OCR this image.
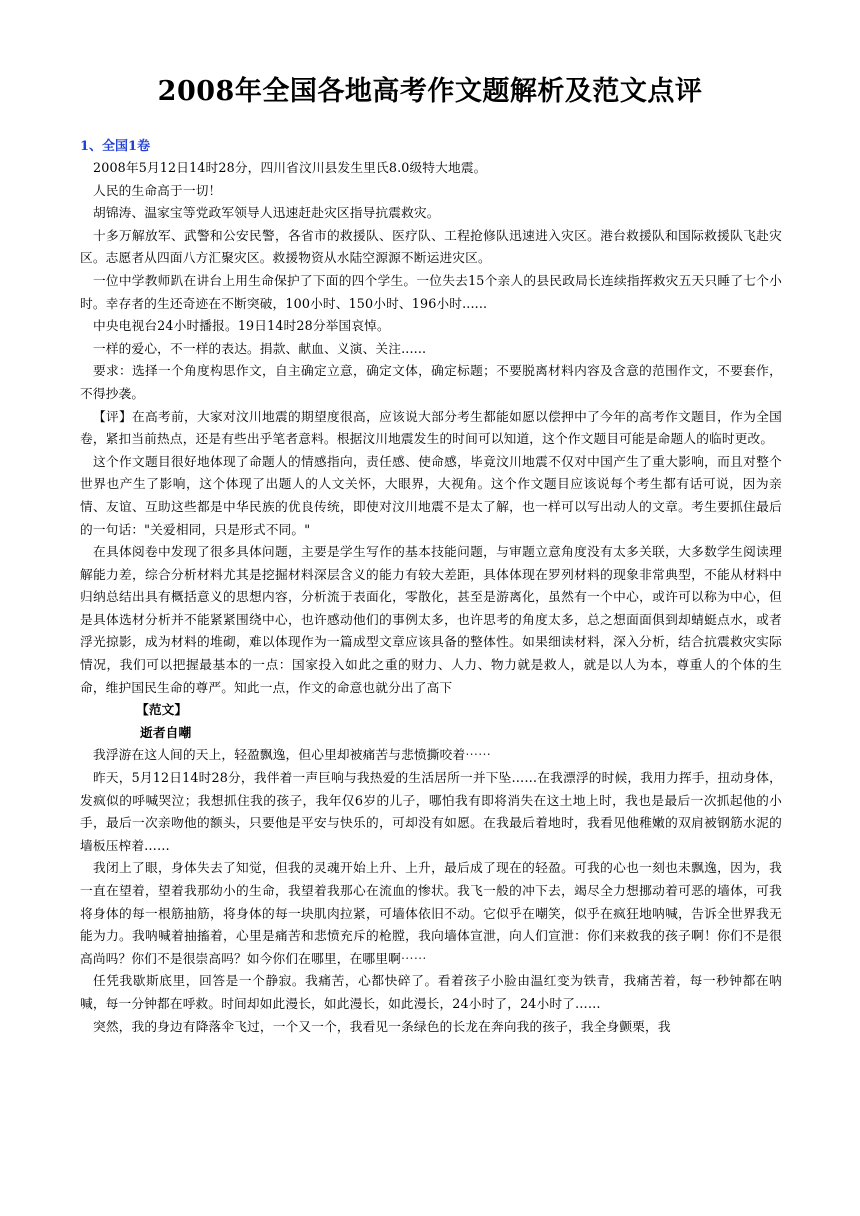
2008年全国各地高考作文题解析及范文点评
1、全国1卷

2008年5月12日14时28分，四川省汶川县发生里氏8.0级特大地震。

人民的生命高于一切！

胡锦涛、温家宝等党政军领导人迅速赶赴灾区指导抗震救灾。

十多万解放军、武警和公安民警，各省市的救援队、医疗队、工程抢修队迅速进入灾区。港台救援队和国际救援队飞赴灾区。志愿者从四面八方汇聚灾区。救援物资从水陆空源源不断运进灾区。

一位中学教师趴在讲台上用生命保护了下面的四个学生。一位失去15个亲人的县民政局长连续指挥救灾五天只睡了七个小时。幸存者的生还奇迹在不断突破，100小时、150小时、196小时......

中央电视台24小时播报。19日14时28分举国哀悼。

一样的爱心，不一样的表达。捐款、献血、义演、关注......

要求：选择一个角度构思作文，自主确定立意，确定文体，确定标题；不要脱离材料内容及含意的范围作文，不要套作，不得抄袭。

【评】在高考前，大家对汶川地震的期望度很高，应该说大部分考生都能如愿以偿押中了今年的高考作文题目，作为全国卷，紧扣当前热点，还是有些出乎笔者意料。根据汶川地震发生的时间可以知道，这个作文题目可能是命题人的临时更改。

这个作文题目很好地体现了命题人的情感指向，责任感、使命感，毕竟汶川地震不仅对中国产生了重大影响，而且对整个世界也产生了影响，这个体现了出题人的人文关怀，大眼界，大视角。这个作文题目应该说每个考生都有话可说，因为亲情、友谊、互助这些都是中华民族的优良传统，即使对汶川地震不是太了解，也一样可以写出动人的文章。考生要抓住最后的一句话："关爱相同，只是形式不同。"

在具体阅卷中发现了很多具体问题，主要是学生写作的基本技能问题，与审题立意角度没有太多关联，大多数学生阅读理解能力差，综合分析材料尤其是挖掘材料深层含义的能力有较大差距，具体体现在罗列材料的现象非常典型，不能从材料中归纳总结出具有概括意义的思想内容，分析流于表面化，零散化，甚至是游离化，虽然有一个中心，或许可以称为中心，但是具体选材分析并不能紧紧围绕中心，也许感动他们的事例太多，也许思考的角度太多，总之想面面俱到却蜻蜓点水，或者浮光掠影，成为材料的堆砌，难以体现作为一篇成型文章应该具备的整体性。如果细读材料，深入分析，结合抗震救灾实际情况，我们可以把握最基本的一点：国家投入如此之重的财力、人力、物力就是救人，就是以人为本，尊重人的个体的生命，维护国民生命的尊严。知此一点，作文的命意也就分出了高下

【范文】

逝者自嘲

我浮游在这人间的天上，轻盈飘逸，但心里却被痛苦与悲愤撕咬着⋯⋯

昨天，5月12日14时28分，我伴着一声巨响与我热爱的生活居所一并下坠……在我漂浮的时候，我用力挥手，扭动身体，发疯似的呼喊哭泣；我想抓住我的孩子，我年仅6岁的儿子，哪怕我有即将消失在这土地上时，我也是最后一次抓起他的小手，最后一次亲吻他的额头，只要他是平安与快乐的，可却没有如愿。在我最后着地时，我看见他稚嫩的双肩被钢筋水泥的墙板压榨着……

我闭上了眼，身体失去了知觉，但我的灵魂开始上升、上升，最后成了现在的轻盈。可我的心也一刻也未飘逸，因为，我一直在望着，望着我那幼小的生命，我望着我那心在流血的惨状。我飞一般的冲下去，竭尽全力想挪动着可恶的墙体，可我将身体的每一根筋抽筋，将身体的每一块肌肉拉紧，可墙体依旧不动。它似乎在嘲笑，似乎在疯狂地呐喊，告诉全世界我无能为力。我呐喊着抽搐着，心里是痛苦和悲愤充斥的枪膛，我向墙体宣泄，向人们宣泄：你们来救我的孩子啊！你们不是很高尚吗？你们不是很崇高吗？如今你们在哪里，在哪里啊⋯⋯

任凭我歇斯底里，回答是一个静寂。我痛苦，心都快碎了。看着孩子小脸由温红变为铁青，我痛苦着，每一秒钟都在呐喊，每一分钟都在呼救。时间却如此漫长，如此漫长，如此漫长，24小时了，24小时了……

突然，我的身边有降落伞飞过，一个又一个，我看见一条绿色的长龙在奔向我的孩子，我全身颤栗，我
